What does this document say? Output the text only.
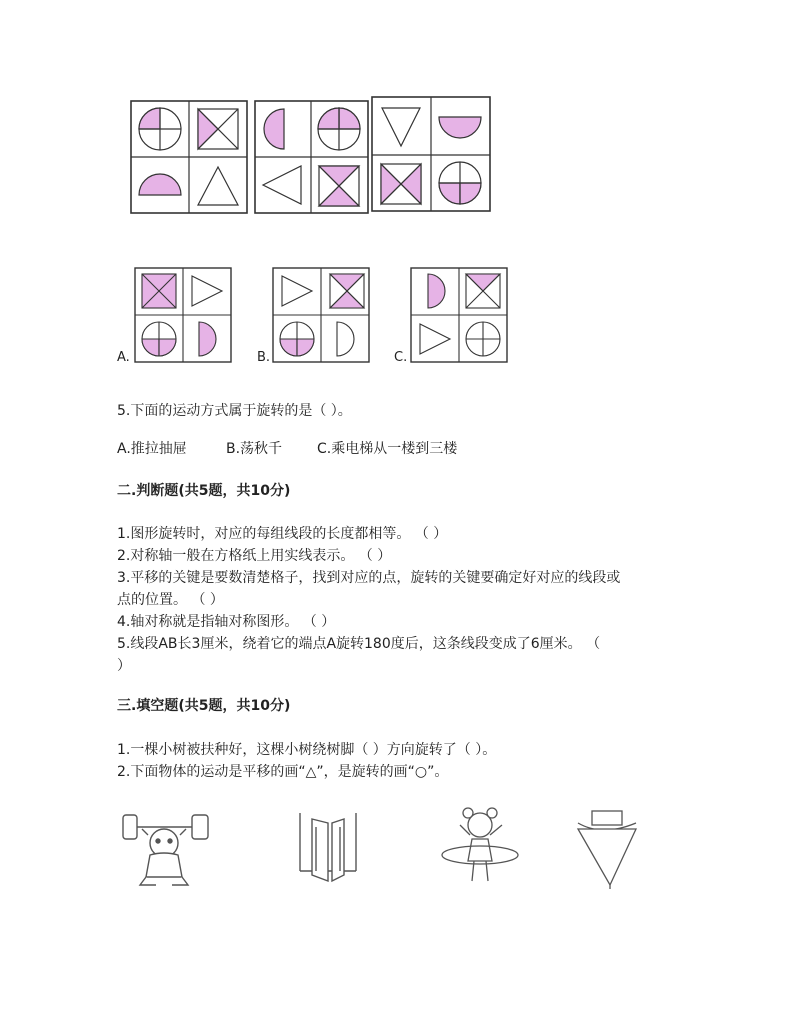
A.	B.	C.
5.下面的运动方式属于旋转的是（ ）。
A.推拉抽屉	B.荡秋千 C.乘电梯从一楼到三楼
二.判断题(共5题，共10分)
1.图形旋转时，对应的每组线段的长度都相等。 （ ）
2.对称轴一般在方格纸上用实线表示。 （ ）
3.平移的关键是要数清楚格子，找到对应的点，旋转的关键要确定好对应的线段或
点的位置。 （ ）
4.轴对称就是指轴对称图形。 （ ）
5.线段AB长3厘米，绕着它的端点A旋转180度后，这条线段变成了6厘米。 （
）
三.填空题(共5题，共10分)
1.一棵小树被扶种好，这棵小树绕树脚（ ）方向旋转了（ ）。
2.下面物体的运动是平移的画“△”，是旋转的画“○”。
